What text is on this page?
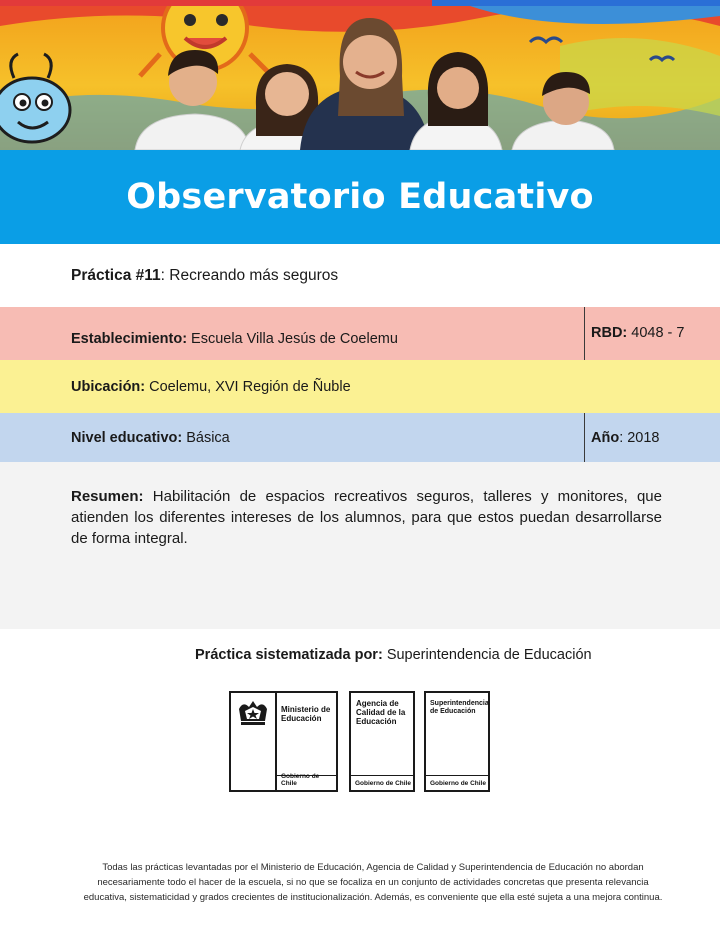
Observatorio Educativo
Práctica #11 : Recreando más seguros
Establecimiento: Escuela Villa Jesús de Coelemu	RBD: 4048 - 7
Ubicación: Coelemu, XVI Región de Ñuble
Nivel educativo: Básica	Año : 2018
Resumen: Habilitación de espacios recreativos seguros, talleres y monitores, que atienden los diferentes intereses de los alumnos, para que estos puedan desarrollarse de forma integral.
Práctica sistematizada por: Superintendencia de Educación
Ministerio de
Educación
Gobierno de Chile
Agencia de
Calidad de la
Educación
Gobierno de Chile
Superintendencia
de Educación
Gobierno de Chile
Todas las prácticas levantadas por el Ministerio de Educación, Agencia de Calidad y Superintendencia de Educación no abordan necesariamente todo el hacer de la escuela, si no que se focaliza en un conjunto de actividades concretas que presenta relevancia educativa, sistematicidad y grados crecientes de institucionalización. Además, es conveniente que ella esté sujeta a una mejora continua.
